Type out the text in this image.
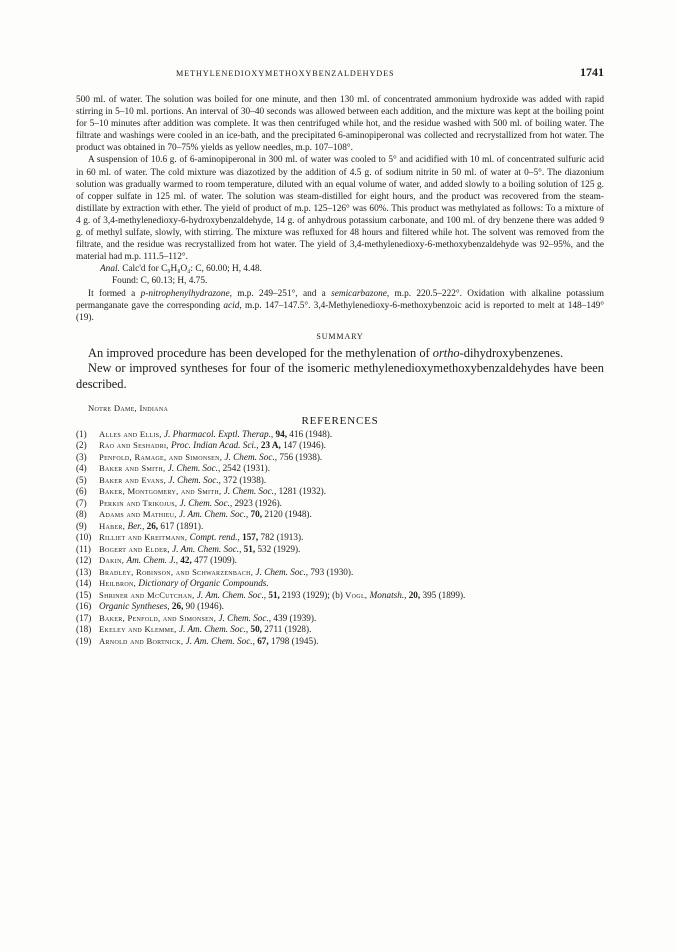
METHYLENEDIOXYMETHOXYBENZALDEHYDES	1741

500 ml. of water. The solution was boiled for one minute, and then 130 ml. of concentrated ammonium hydroxide was added with rapid stirring in 5–10 ml. portions. An interval of 30–40 seconds was allowed between each addition, and the mixture was kept at the boiling point for 5–10 minutes after addition was complete. It was then centrifuged while hot, and the residue washed with 500 ml. of boiling water. The filtrate and washings were cooled in an ice-bath, and the precipitated 6-aminopiperonal was collected and recrystallized from hot water. The product was obtained in 70–75% yields as yellow needles, m.p. 107–108°.

A suspension of 10.6 g. of 6-aminopiperonal in 300 ml. of water was cooled to 5° and acidified with 10 ml. of concentrated sulfuric acid in 60 ml. of water. The cold mixture was diazotized by the addition of 4.5 g. of sodium nitrite in 50 ml. of water at 0–5°. The diazonium solution was gradually warmed to room temperature, diluted with an equal volume of water, and added slowly to a boiling solution of 125 g. of copper sulfate in 125 ml. of water. The solution was steam-distilled for eight hours, and the product was recovered from the steam-distillate by extraction with ether. The yield of product of m.p. 125–126° was 60%. This product was methylated as follows: To a mixture of 4 g. of 3,4-methylenedioxy-6-hydroxybenzaldehyde, 14 g. of anhydrous potassium carbonate, and 100 ml. of dry benzene there was added 9 g. of methyl sulfate, slowly, with stirring. The mixture was refluxed for 48 hours and filtered while hot. The solvent was removed from the filtrate, and the residue was recrystallized from hot water. The yield of 3,4-methylenedioxy-6-methoxybenzaldehyde was 92–95%, and the material had m.p. 111.5–112°.

Anal. Calc'd for C₉H₈O₄: C, 60.00; H, 4.48.

Found: C, 60.13; H, 4.75.

It formed a p-nitrophenylhydrazone, m.p. 249–251°, and a semicarbazone, m.p. 220.5–222°. Oxidation with alkaline potassium permanganate gave the corresponding acid, m.p. 147–147.5°. 3,4-Methylenedioxy-6-methoxybenzoic acid is reported to melt at 148–149° (19).

SUMMARY

An improved procedure has been developed for the methylenation of ortho-dihydroxybenzenes.

New or improved syntheses for four of the isomeric methylenedioxymethoxybenzaldehydes have been described.

Notre Dame, Indiana
REFERENCES
(1) Alles and Ellis, J. Pharmacol. Exptl. Therap., 94, 416 (1948).
(2) Rao and Seshadri, Proc. Indian Acad. Sci., 23 A, 147 (1946).
(3) Penfold, Ramage, and Simonsen, J. Chem. Soc., 756 (1938).
(4) Baker and Smith, J. Chem. Soc., 2542 (1931).
(5) Baker and Evans, J. Chem. Soc., 372 (1938).
(6) Baker, Montgomery, and Smith, J. Chem. Soc., 1281 (1932).
(7) Perkin and Trikojus, J. Chem. Soc., 2923 (1926).
(8) Adams and Mathieu, J. Am. Chem. Soc., 70, 2120 (1948).
(9) Haber, Ber., 26, 617 (1891).
(10) Rilliet and Kreitmann, Compt. rend., 157, 782 (1913).
(11) Bogert and Elder, J. Am. Chem. Soc., 51, 532 (1929).
(12) Dakin, Am. Chem. J., 42, 477 (1909).
(13) Bradley, Robinson, and Schwarzenbach, J. Chem. Soc., 793 (1930).
(14) Heilbron, Dictionary of Organic Compounds.
(15) Shriner and McCutchan, J. Am. Chem. Soc., 51, 2193 (1929); (b) Vogl, Monatsh., 20, 395 (1899).
(16) Organic Syntheses, 26, 90 (1946).
(17) Baker, Penfold, and Simonsen, J. Chem. Soc., 439 (1939).
(18) Ekeley and Klemme, J. Am. Chem. Soc., 50, 2711 (1928).
(19) Arnold and Bortnick, J. Am. Chem. Soc., 67, 1798 (1945).
